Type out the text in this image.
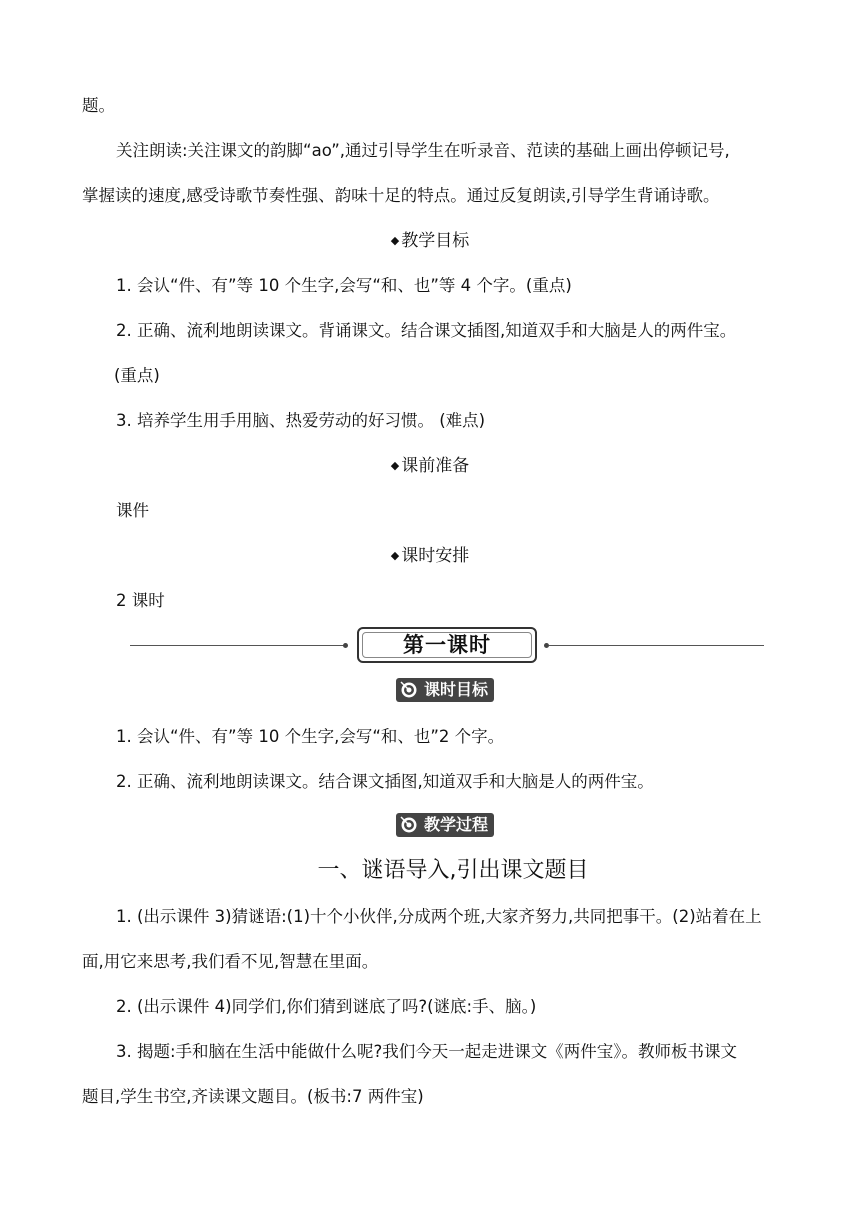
题。
关注朗读:关注课文的韵脚“ao”,通过引导学生在听录音、范读的基础上画出停顿记号,
掌握读的速度,感受诗歌节奏性强、韵味十足的特点。通过反复朗读,引导学生背诵诗歌。
◆ 教学目标
1. 会认“件、有”等 10 个生字,会写“和、也”等 4 个字。(重点)
2. 正确、流利地朗读课文。背诵课文。结合课文插图,知道双手和大脑是人的两件宝。
(重点)
3. 培养学生用手用脑、热爱劳动的好习惯。 (难点)
◆ 课前准备
课件
◆ 课时安排
2 课时
第一课时
课时目标
1. 会认“件、有”等 10 个生字,会写“和、也”2 个字。
2. 正确、流利地朗读课文。结合课文插图,知道双手和大脑是人的两件宝。
教学过程
一、谜语导入,引出课文题目
1. (出示课件 3)猜谜语:(1)十个小伙伴,分成两个班,大家齐努力,共同把事干。(2)站着在上
面,用它来思考,我们看不见,智慧在里面。
2. (出示课件 4)同学们,你们猜到谜底了吗?(谜底:手、脑。)
3. 揭题:手和脑在生活中能做什么呢?我们今天一起走进课文《两件宝》。教师板书课文
题目,学生书空,齐读课文题目。(板书:7 两件宝)
